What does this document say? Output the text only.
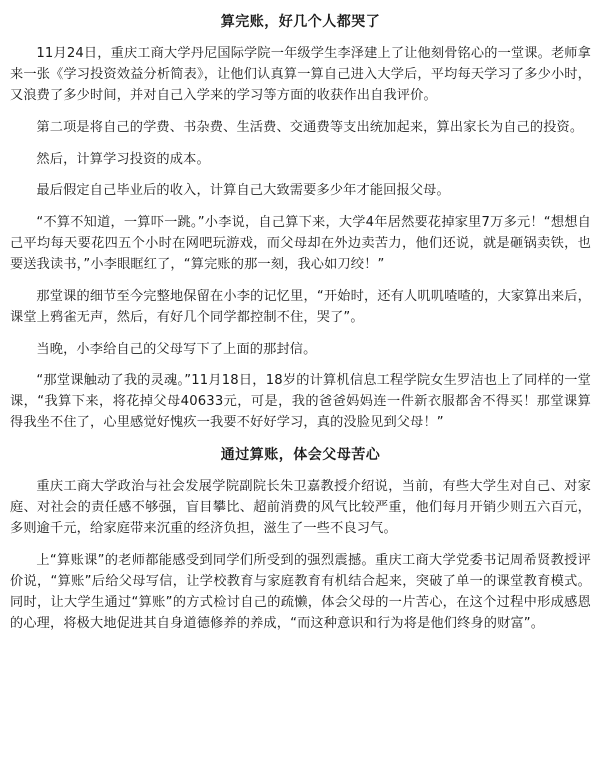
算完账，好几个人都哭了

11月24日，重庆工商大学丹尼国际学院一年级学生李泽建上了让他刻骨铭心的一堂课。老师拿来一张《学习投资效益分析简表》，让他们认真算一算自己进入大学后，平均每天学习了多少小时，又浪费了多少时间，并对自己入学来的学习等方面的收获作出自我评价。

第二项是将自己的学费、书杂费、生活费、交通费等支出统加起来，算出家长为自己的投资。

然后，计算学习投资的成本。

最后假定自己毕业后的收入，计算自己大致需要多少年才能回报父母。

“不算不知道，一算吓一跳。”小李说，自己算下来，大学4年居然要花掉家里7万多元！“想想自己平均每天要花四五个小时在网吧玩游戏，而父母却在外边卖苦力，他们还说，就是砸锅卖铁，也要送我读书，”小李眼眶红了，“算完账的那一刻，我心如刀绞！”

那堂课的细节至今完整地保留在小李的记忆里，“开始时，还有人叽叽喳喳的，大家算出来后，课堂上鸦雀无声，然后，有好几个同学都控制不住，哭了”。

当晚，小李给自己的父母写下了上面的那封信。

“那堂课触动了我的灵魂。”11月18日，18岁的计算机信息工程学院女生罗洁也上了同样的一堂课，“我算下来，将花掉父母40633元，可是，我的爸爸妈妈连一件新衣服都舍不得买！那堂课算得我坐不住了，心里感觉好愧疚一我要不好好学习，真的没脸见到父母！”

通过算账，体会父母苦心

重庆工商大学政治与社会发展学院副院长朱卫嘉教授介绍说，当前，有些大学生对自己、对家庭、对社会的责任感不够强，盲目攀比、超前消费的风气比较严重，他们每月开销少则五六百元，多则逾千元，给家庭带来沉重的经济负担，滋生了一些不良习气。

上“算账课”的老师都能感受到同学们所受到的强烈震撼。重庆工商大学党委书记周希贤教授评价说，“算账”后给父母写信，让学校教育与家庭教育有机结合起来，突破了单一的课堂教育模式。同时，让大学生通过“算账”的方式检讨自己的疏懒，体会父母的一片苦心，在这个过程中形成感恩的心理，将极大地促进其自身道德修养的养成，“而这种意识和行为将是他们终身的财富”。
